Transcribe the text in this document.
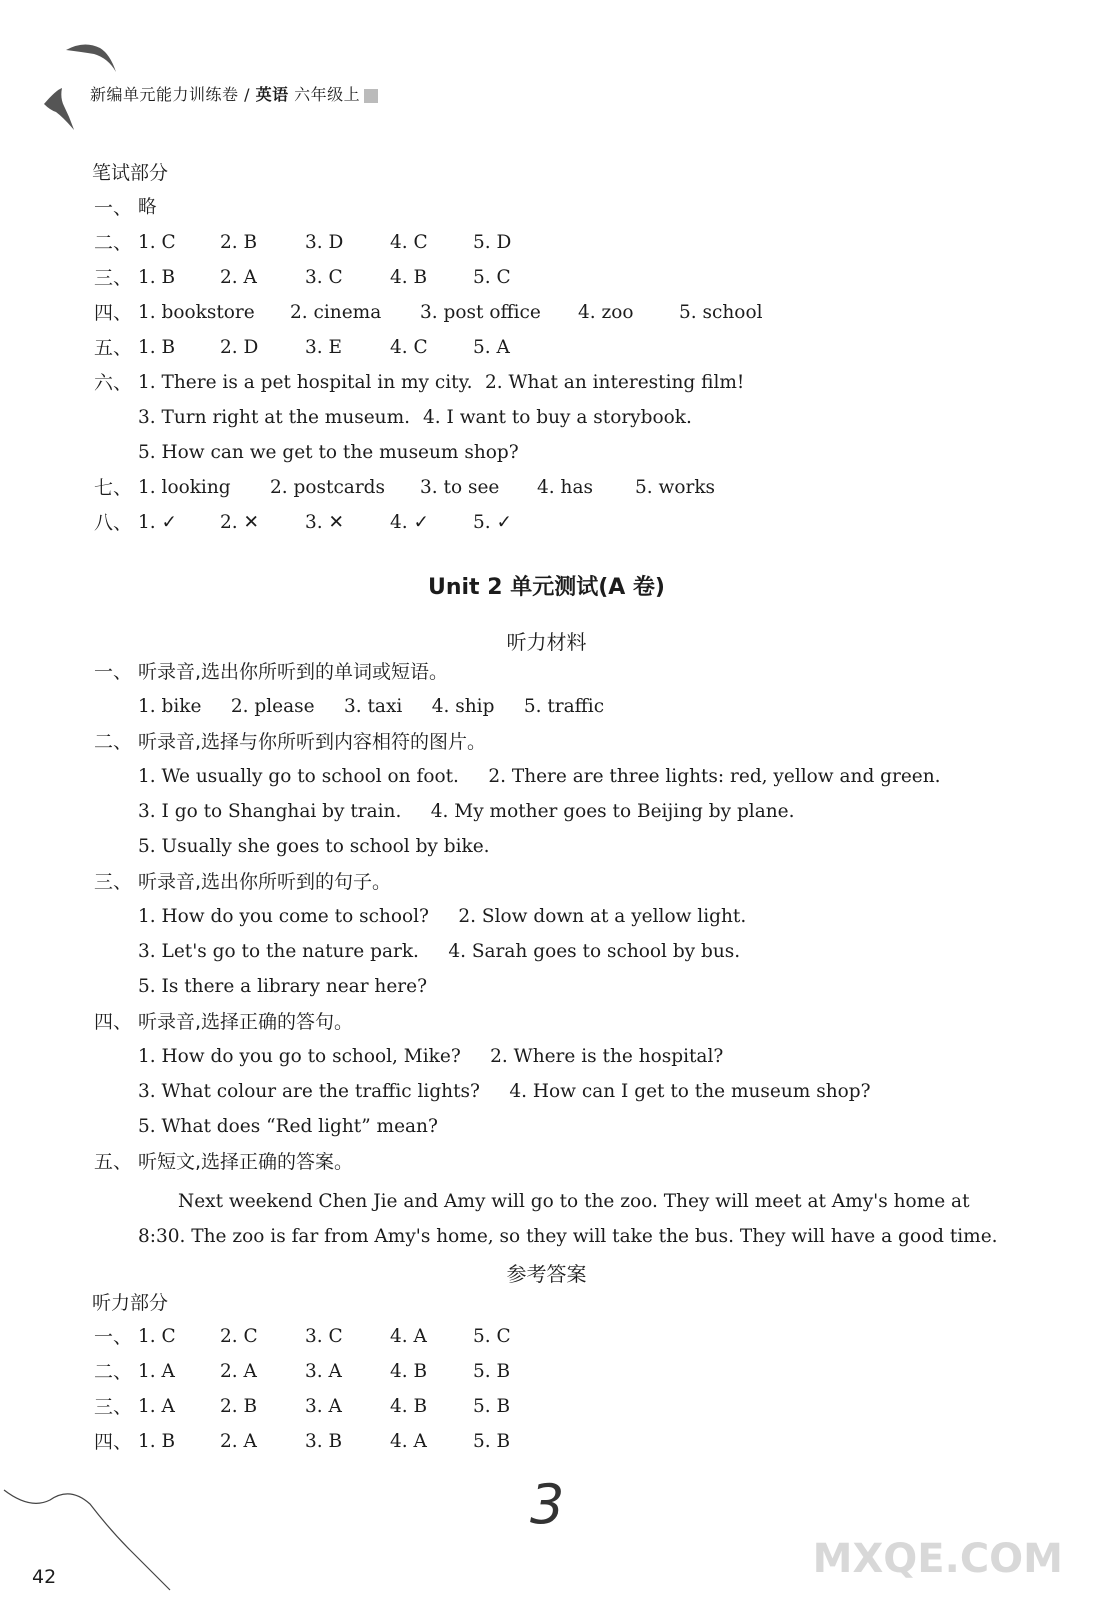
新编单元能力训练卷 / 英语 六年级上
笔试部分
一、 略
二、 1. C 2. B	3. D	4. C 5. D
三、 1. B 2. A	3. C	4. B 5. C
四、 1. bookstore 2. cinema 3. post office 4. zoo 5. school
五、 1. B 2. D	3. E	4. C 5. A
六、 1. There is a pet hospital in my city. 2. What an interesting film!
3. Turn right at the museum. 4. I want to buy a storybook.
5. How can we get to the museum shop?
七、 1. looking 2. postcards 3. to see 4. has 5. works
八、 1. ✓ 2. ✕ 3. ✕ 4. ✓ 5. ✓
Unit 2 单元测试(A 卷)
听力材料
一、 听录音,选出你所听到的单词或短语。
1. bike     2. please     3. taxi     4. ship     5. traffic
二、 听录音,选择与你所听到内容相符的图片。
1. We usually go to school on foot.     2. There are three lights: red, yellow and green.
3. I go to Shanghai by train.     4. My mother goes to Beijing by plane.
5. Usually she goes to school by bike.
三、 听录音,选出你所听到的句子。
1. How do you come to school?     2. Slow down at a yellow light.
3. Let's go to the nature park.     4. Sarah goes to school by bus.
5. Is there a library near here?
四、 听录音,选择正确的答句。
1. How do you go to school, Mike?     2. Where is the hospital?
3. What colour are the traffic lights?     4. How can I get to the museum shop?
5. What does “Red light” mean?
五、 听短文,选择正确的答案。
Next weekend Chen Jie and Amy will go to the zoo. They will meet at Amy's home at 8:30. The zoo is far from Amy's home, so they will take the bus. They will have a good time.
参考答案
听力部分
一、 1. C 2. C	3. C	4. A 5. C
二、 1. A 2. A	3. A	4. B 5. B
三、 1. A 2. B	3. A	4. B 5. B
四、 1. B 2. A	3. B	4. A 5. B
3
42	MXQE.COM
